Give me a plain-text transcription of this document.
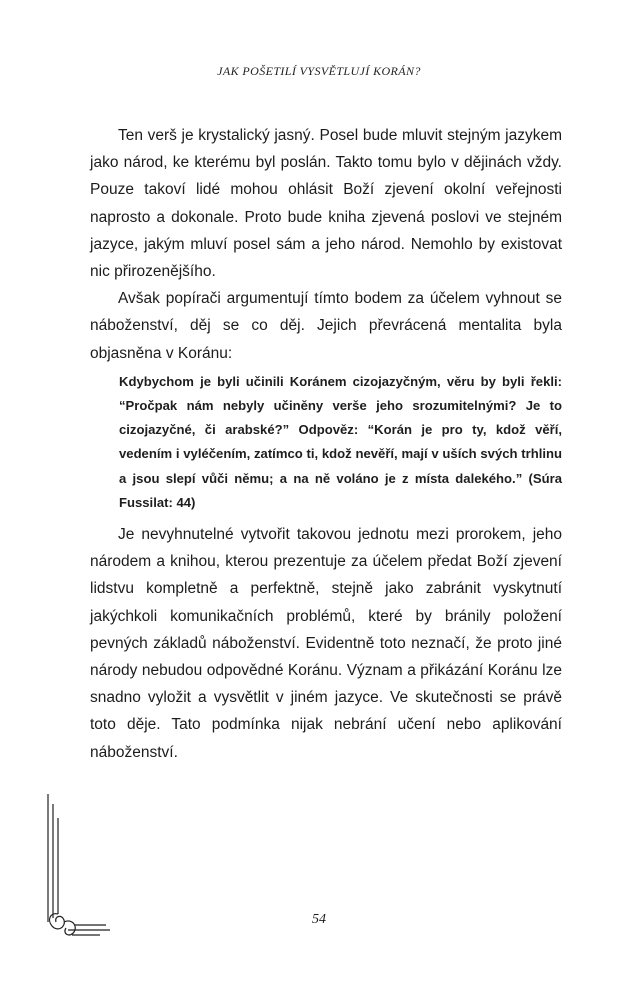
JAK POŠETILÍ VYSVĚTLUJÍ KORÁN?

Ten verš je krystalický jasný. Posel bude mluvit stejným jazykem jako národ, ke kterému byl poslán. Takto tomu bylo v dějinách vždy. Pouze takoví lidé mohou ohlásit Boží zjevení okolní veřejnosti naprosto a dokonale. Proto bude kniha zjevená poslovi ve stejném jazyce, jakým mluví posel sám a jeho národ. Nemohlo by existovat nic přirozenějšího.

Avšak popírači argumentují tímto bodem za účelem vyhnout se náboženství, děj se co děj. Jejich převrácená mentalita byla objasněna v Koránu:

Kdybychom je byli učinili Koránem cizojazyčným, věru by byli řekli: “Pročpak nám nebyly učiněny verše jeho srozumitelnými? Je to cizojazyčné, či arabské?” Odpověz: “Korán je pro ty, kdož věří, vedením i vyléčením, zatímco ti, kdož nevěří, mají v uších svých trhlinu a jsou slepí vůči němu; a na ně voláno je z místa dalekého.” (Súra Fussilat: 44)

Je nevyhnutelné vytvořit takovou jednotu mezi prorokem, jeho národem a knihou, kterou prezentuje za účelem předat Boží zjevení lidstvu kompletně a perfektně, stejně jako zabránit vyskytnutí jakýchkoli komunikačních problémů, které by bránily položení pevných základů náboženství. Evidentně toto neznačí, že proto jiné národy nebudou odpovědné Koránu. Význam a přikázání Koránu lze snadno vyložit a vysvětlit v jiném jazyce. Ve skutečnosti se právě toto děje. Tato podmínka nijak nebrání učení nebo aplikování náboženství.

54
